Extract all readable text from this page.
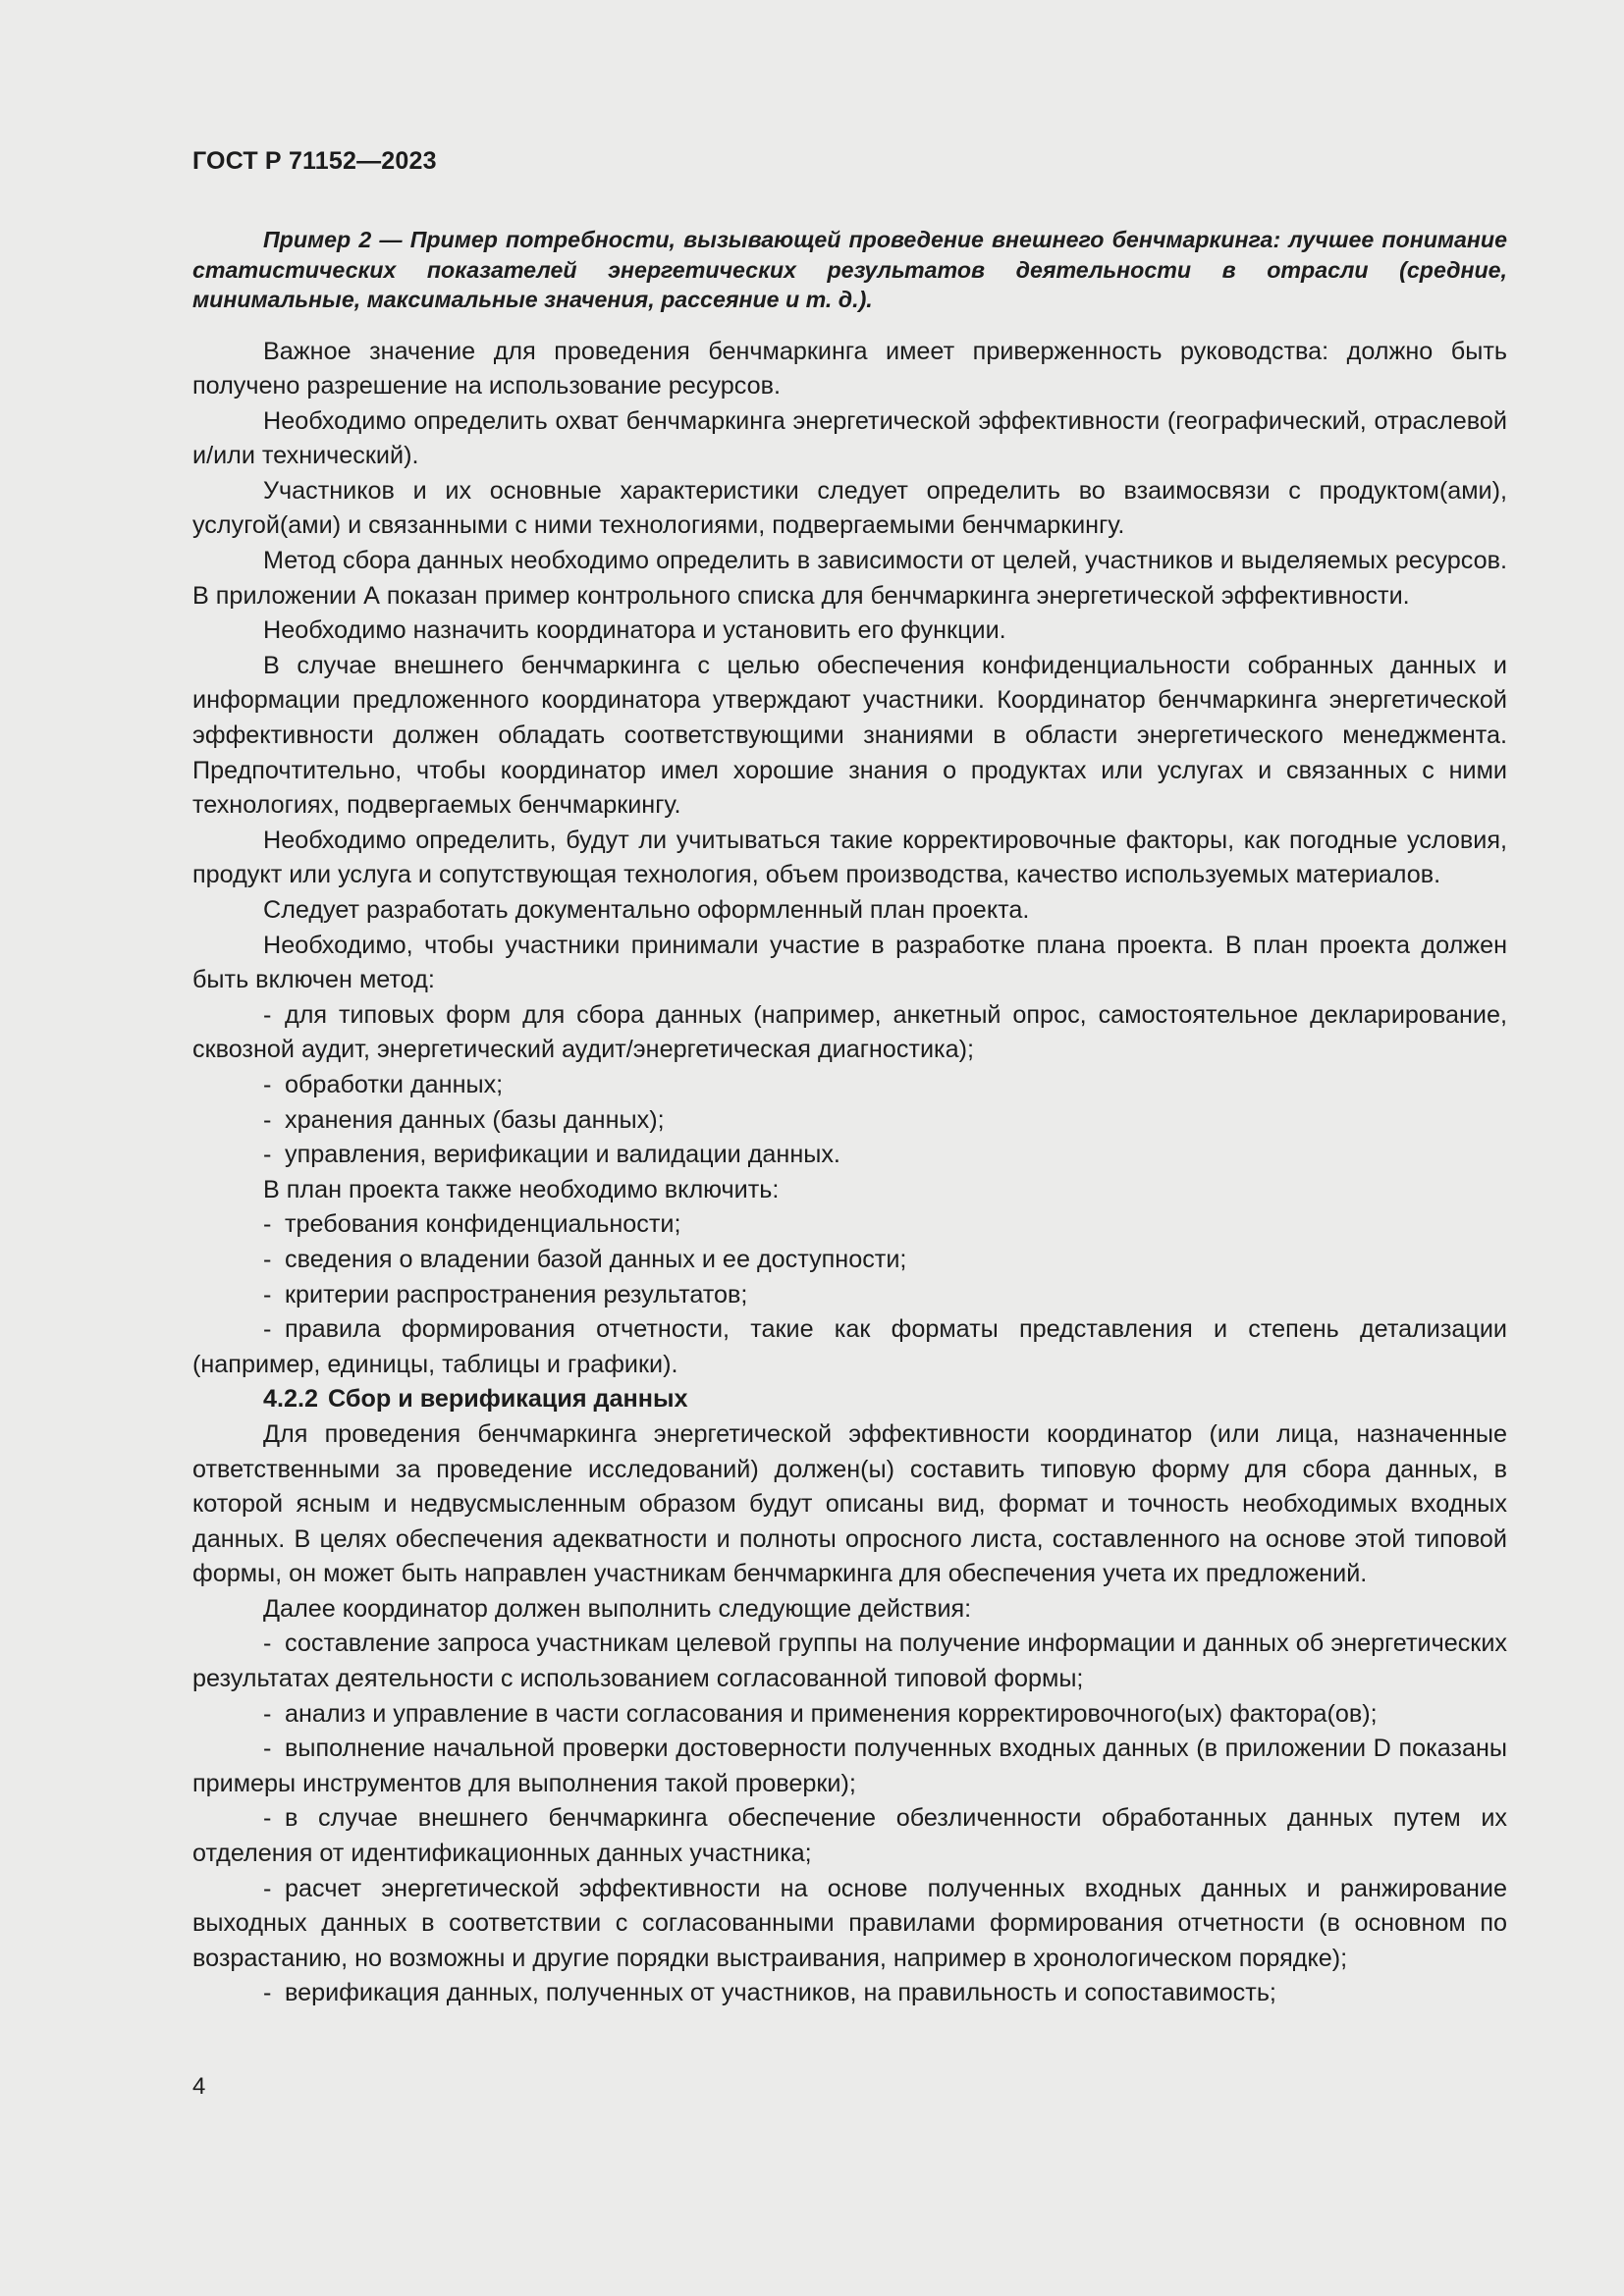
ГОСТ Р 71152—2023

Пример 2 — Пример потребности, вызывающей проведение внешнего бенчмаркинга: лучшее понимание статистических показателей энергетических результатов деятельности в отрасли (средние, минимальные, максимальные значения, рассеяние и т. д.).

Важное значение для проведения бенчмаркинга имеет приверженность руководства: должно быть получено разрешение на использование ресурсов.

Необходимо определить охват бенчмаркинга энергетической эффективности (географический, отраслевой и/или технический).

Участников и их основные характеристики следует определить во взаимосвязи с продуктом(ами), услугой(ами) и связанными с ними технологиями, подвергаемыми бенчмаркингу.

Метод сбора данных необходимо определить в зависимости от целей, участников и выделяемых ресурсов. В приложении А показан пример контрольного списка для бенчмаркинга энергетической эффективности.

Необходимо назначить координатора и установить его функции.

В случае внешнего бенчмаркинга с целью обеспечения конфиденциальности собранных данных и информации предложенного координатора утверждают участники. Координатор бенчмаркинга энергетической эффективности должен обладать соответствующими знаниями в области энергетического менеджмента. Предпочтительно, чтобы координатор имел хорошие знания о продуктах или услугах и связанных с ними технологиях, подвергаемых бенчмаркингу.

Необходимо определить, будут ли учитываться такие корректировочные факторы, как погодные условия, продукт или услуга и сопутствующая технология, объем производства, качество используемых материалов.

Следует разработать документально оформленный план проекта.

Необходимо, чтобы участники принимали участие в разработке плана проекта. В план проекта должен быть включен метод:

- для типовых форм для сбора данных (например, анкетный опрос, самостоятельное декларирование, сквозной аудит, энергетический аудит/энергетическая диагностика);

- обработки данных;

- хранения данных (базы данных);

- управления, верификации и валидации данных.

В план проекта также необходимо включить:

- требования конфиденциальности;

- сведения о владении базой данных и ее доступности;

- критерии распространения результатов;

- правила формирования отчетности, такие как форматы представления и степень детализации (например, единицы, таблицы и графики).

4.2.2 Сбор и верификация данных

Для проведения бенчмаркинга энергетической эффективности координатор (или лица, назначенные ответственными за проведение исследований) должен(ы) составить типовую форму для сбора данных, в которой ясным и недвусмысленным образом будут описаны вид, формат и точность необходимых входных данных. В целях обеспечения адекватности и полноты опросного листа, составленного на основе этой типовой формы, он может быть направлен участникам бенчмаркинга для обеспечения учета их предложений.

Далее координатор должен выполнить следующие действия:

- составление запроса участникам целевой группы на получение информации и данных об энергетических результатах деятельности с использованием согласованной типовой формы;

- анализ и управление в части согласования и применения корректировочного(ых) фактора(ов);

- выполнение начальной проверки достоверности полученных входных данных (в приложении D показаны примеры инструментов для выполнения такой проверки);

- в случае внешнего бенчмаркинга обеспечение обезличенности обработанных данных путем их отделения от идентификационных данных участника;

- расчет энергетической эффективности на основе полученных входных данных и ранжирование выходных данных в соответствии с согласованными правилами формирования отчетности (в основном по возрастанию, но возможны и другие порядки выстраивания, например в хронологическом порядке);

- верификация данных, полученных от участников, на правильность и сопоставимость;

4
